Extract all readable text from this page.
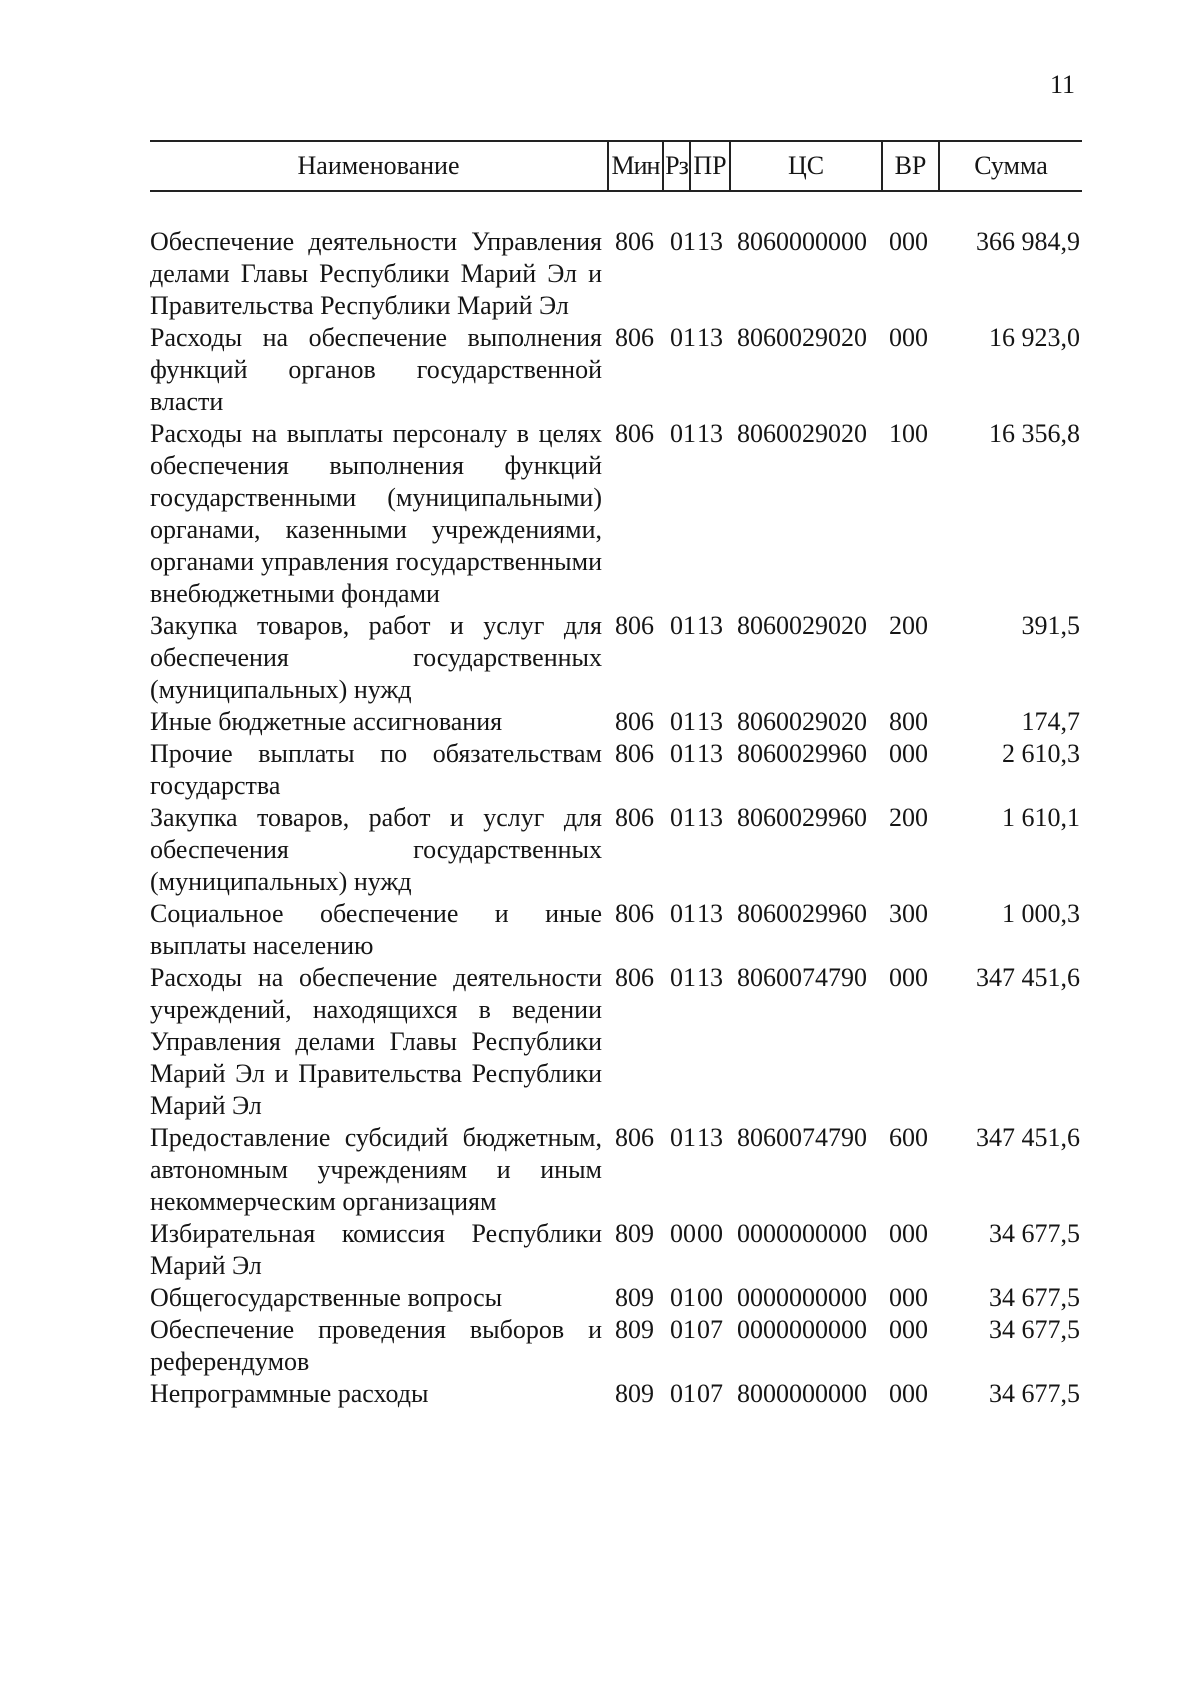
11
Наименование	Мин	Рз	ПР	ЦС	ВР	Сумма

Обеспечение деятельности Управления делами Главы Республики Марий Эл и Правительства Республики Марий Эл	806	01	13	8060000000	000	366 984,9
Расходы на обеспечение выполнения функций органов государственной власти	806	01	13	8060029020	000	16 923,0
Расходы на выплаты персоналу в целях обеспечения выполнения функций государственными (муниципальными) органами, казенными учреждениями, органами управления государственными внебюджетными фондами	806	01	13	8060029020	100	16 356,8
Закупка товаров, работ и услуг для обеспечения государственных (муниципальных) нужд	806	01	13	8060029020	200	391,5
Иные бюджетные ассигнования	806	01	13	8060029020	800	174,7
Прочие выплаты по обязательствам государства	806	01	13	8060029960	000	2 610,3
Закупка товаров, работ и услуг для обеспечения государственных (муниципальных) нужд	806	01	13	8060029960	200	1 610,1
Социальное обеспечение и иные выплаты населению	806	01	13	8060029960	300	1 000,3
Расходы на обеспечение деятельности учреждений, находящихся в ведении Управления делами Главы Республики Марий Эл и Правительства Республики Марий Эл	806	01	13	8060074790	000	347 451,6
Предоставление субсидий бюджетным, автономным учреждениям и иным некоммерческим организациям	806	01	13	8060074790	600	347 451,6
Избирательная комиссия Республики Марий Эл	809	00	00	0000000000	000	34 677,5
Общегосударственные вопросы	809	01	00	0000000000	000	34 677,5
Обеспечение проведения выборов и референдумов	809	01	07	0000000000	000	34 677,5
Непрограммные расходы	809	01	07	8000000000	000	34 677,5
